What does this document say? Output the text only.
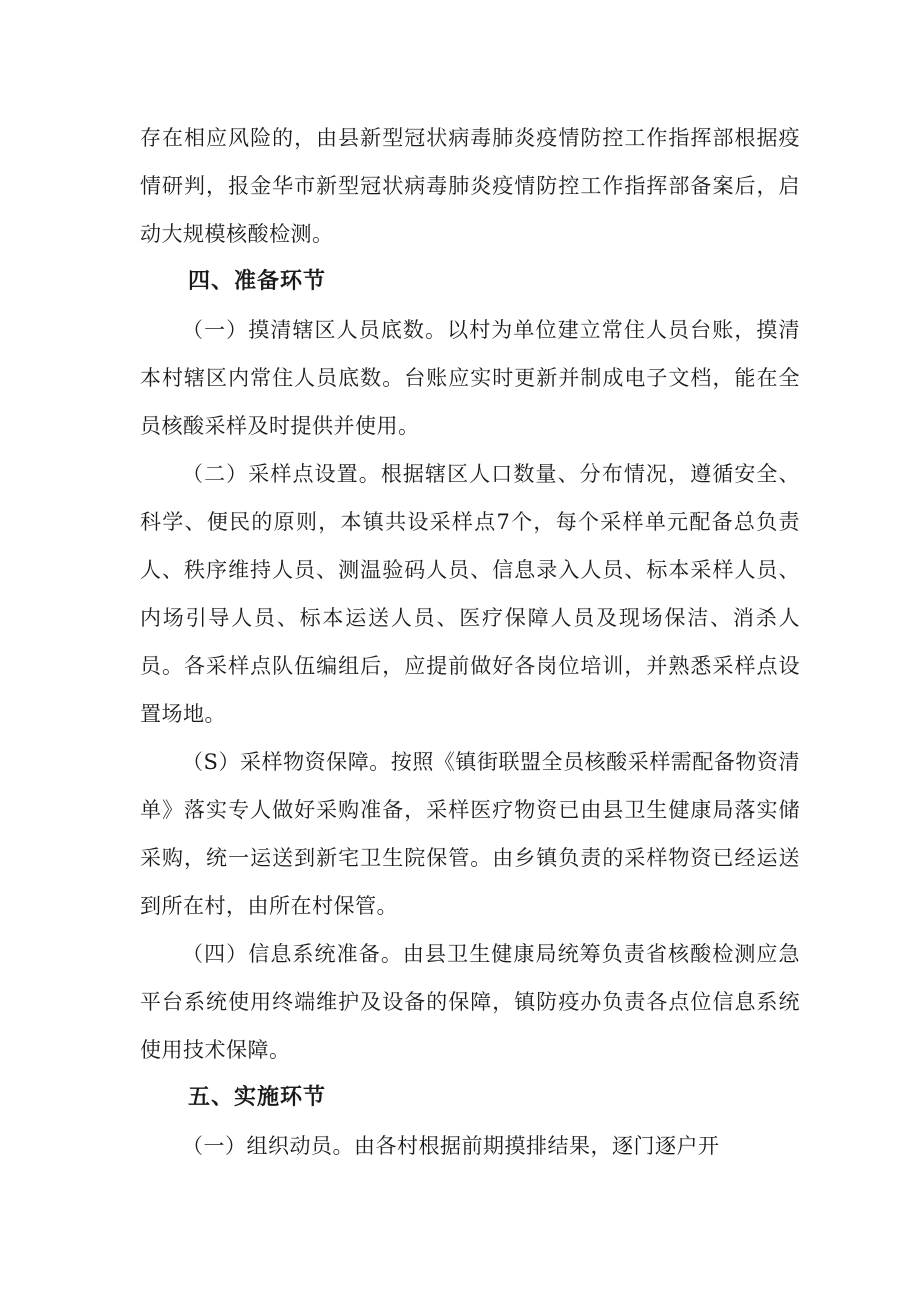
存在相应风险的，由县新型冠状病毒肺炎疫情防控工作指挥部根据疫情研判，报金华市新型冠状病毒肺炎疫情防控工作指挥部备案后，启动大规模核酸检测。

四、准备环节

（一）摸清辖区人员底数。以村为单位建立常住人员台账，摸清本村辖区内常住人员底数。台账应实时更新并制成电子文档，能在全员核酸采样及时提供并使用。

（二）采样点设置。根据辖区人口数量、分布情况，遵循安全、科学、便民的原则，本镇共设采样点7个，每个采样单元配备总负责人、秩序维持人员、测温验码人员、信息录入人员、标本采样人员、内场引导人员、标本运送人员、医疗保障人员及现场保洁、消杀人员。各采样点队伍编组后，应提前做好各岗位培训，并熟悉采样点设置场地。

（S）采样物资保障。按照《镇街联盟全员核酸采样需配备物资清单》落实专人做好采购准备，采样医疗物资已由县卫生健康局落实储采购，统一运送到新宅卫生院保管。由乡镇负责的采样物资已经运送到所在村，由所在村保管。

（四）信息系统准备。由县卫生健康局统筹负责省核酸检测应急平台系统使用终端维护及设备的保障，镇防疫办负责各点位信息系统使用技术保障。

五、实施环节

（一）组织动员。由各村根据前期摸排结果，逐门逐户开
